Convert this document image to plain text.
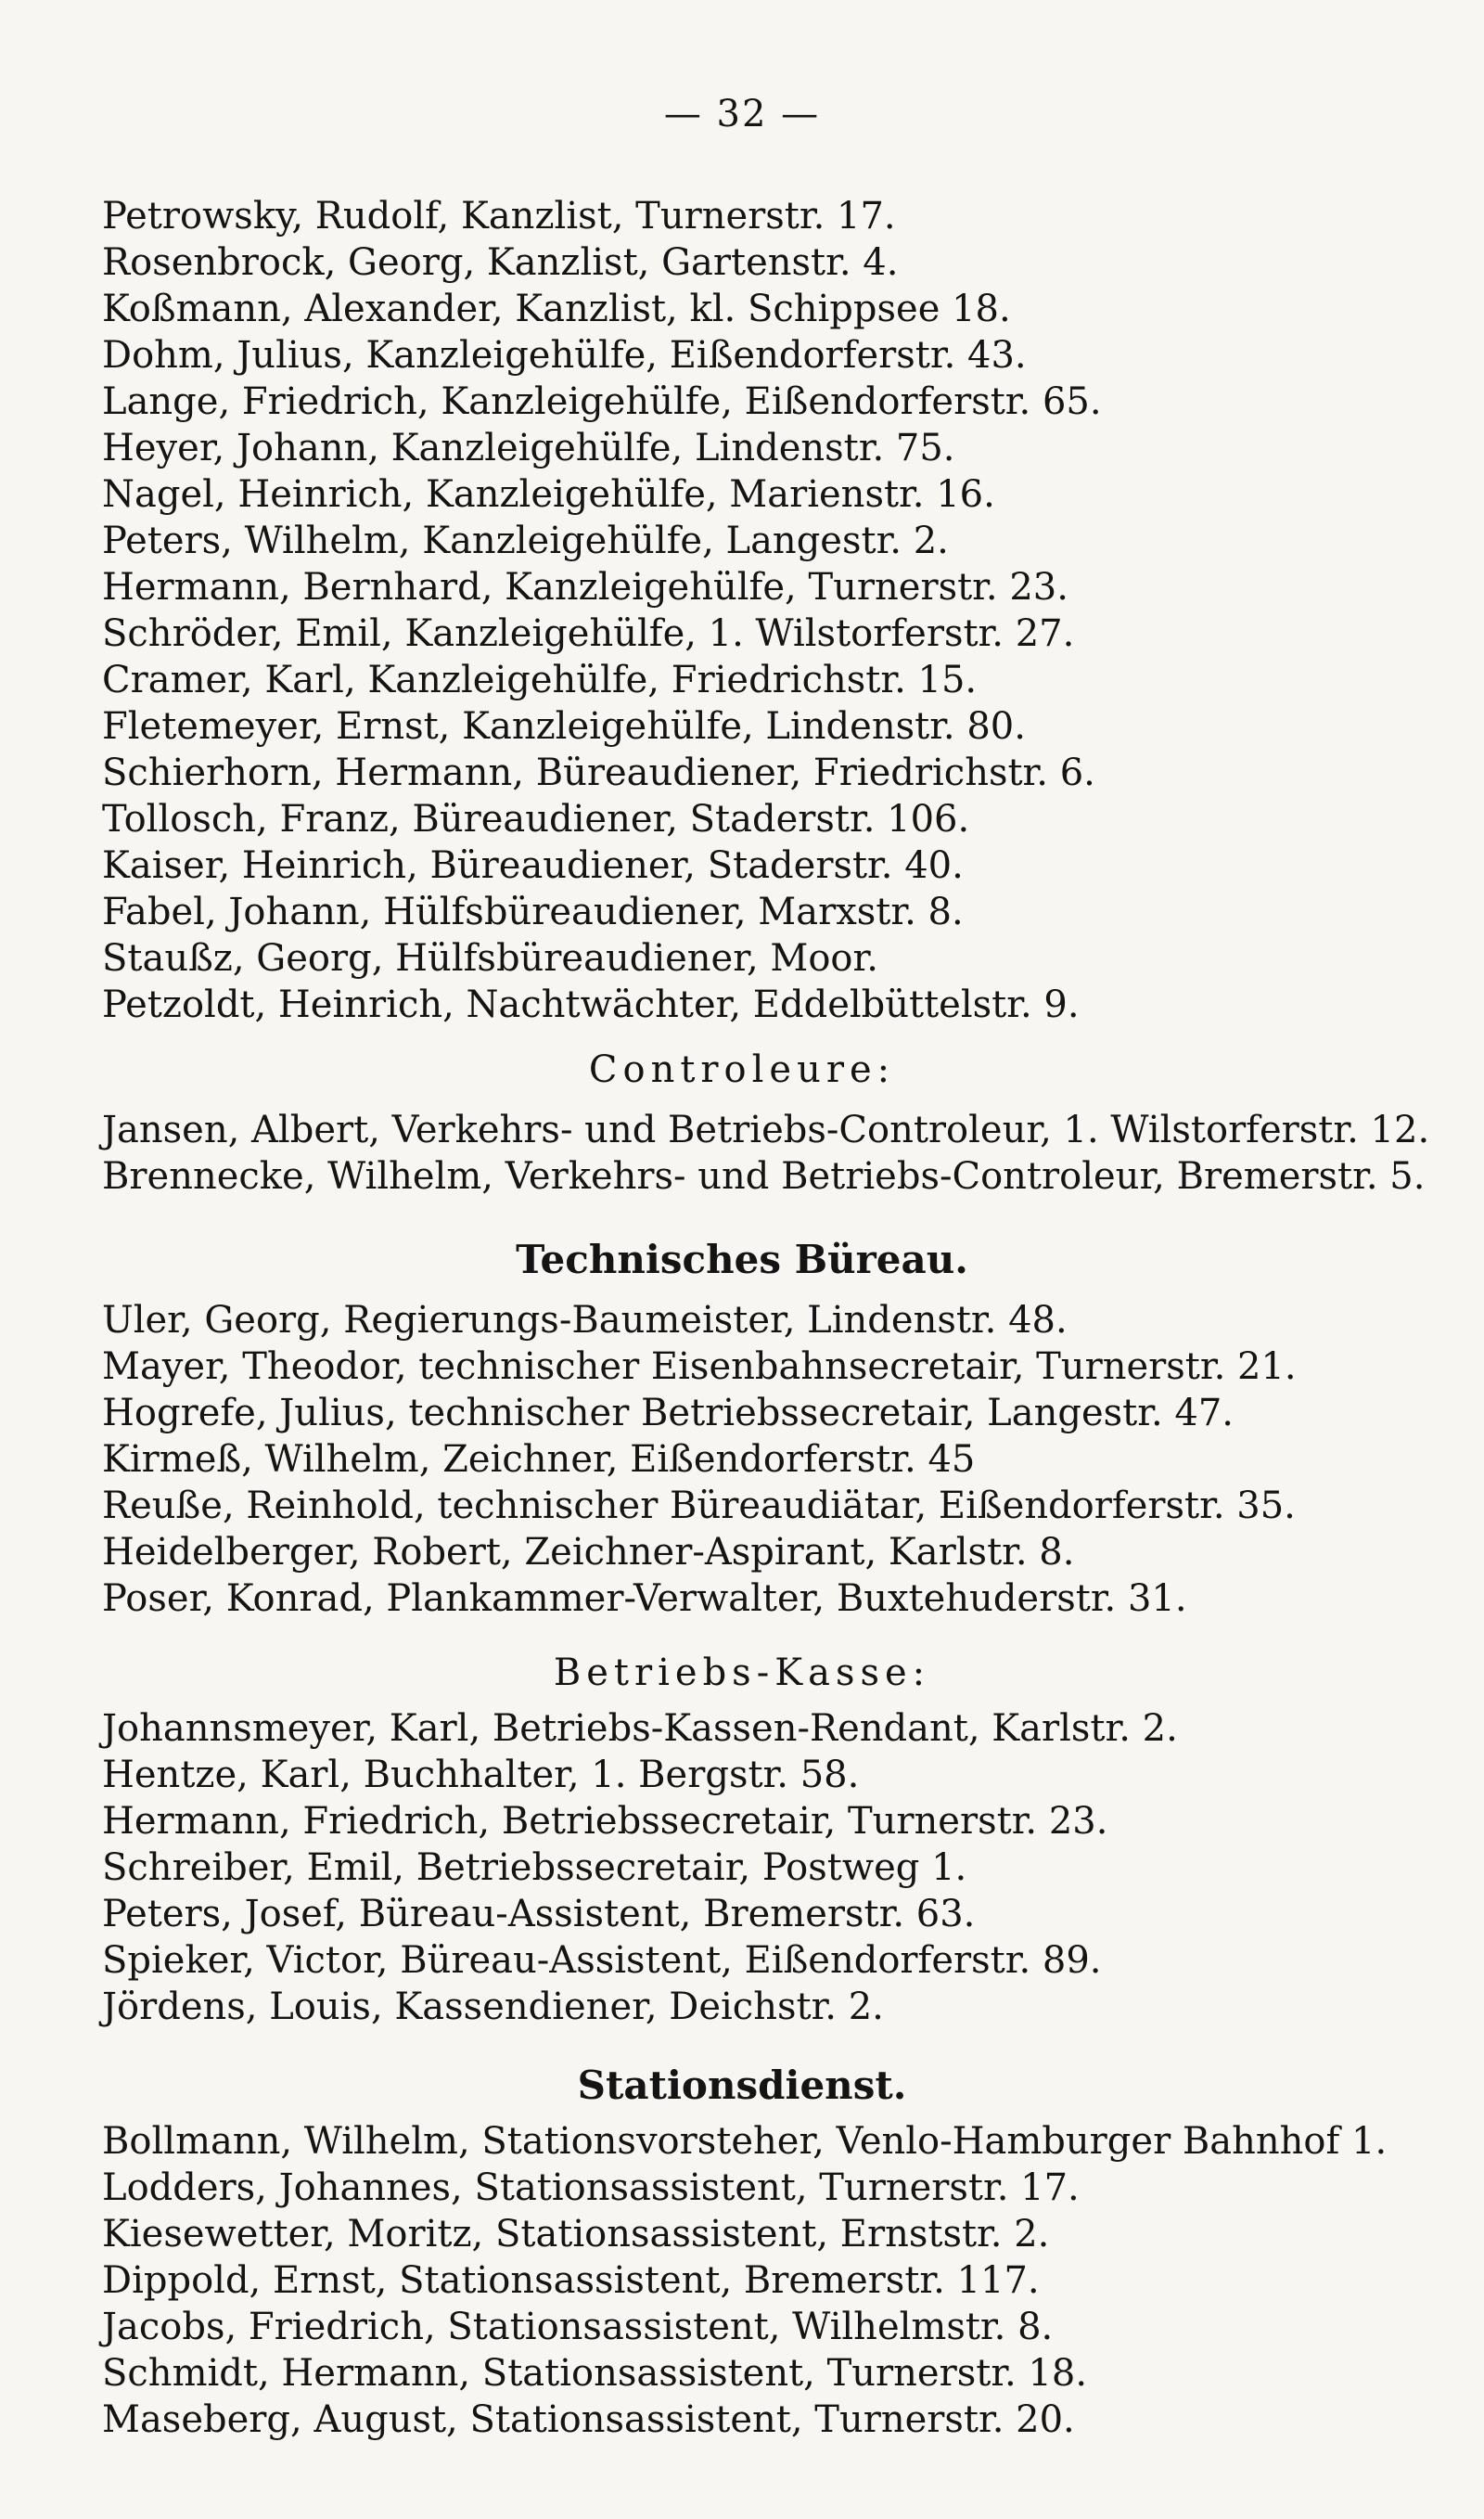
— 32 —
Petrowsky, Rudolf, Kanzlist, Turnerstr. 17.
Rosenbrock, Georg, Kanzlist, Gartenstr. 4.
Koßmann, Alexander, Kanzlist, kl. Schippsee 18.
Dohm, Julius, Kanzleigehülfe, Eißendorferstr. 43.
Lange, Friedrich, Kanzleigehülfe, Eißendorferstr. 65.
Heyer, Johann, Kanzleigehülfe, Lindenstr. 75.
Nagel, Heinrich, Kanzleigehülfe, Marienstr. 16.
Peters, Wilhelm, Kanzleigehülfe, Langestr. 2.
Hermann, Bernhard, Kanzleigehülfe, Turnerstr. 23.
Schröder, Emil, Kanzleigehülfe, 1. Wilstorferstr. 27.
Cramer, Karl, Kanzleigehülfe, Friedrichstr. 15.
Fletemeyer, Ernst, Kanzleigehülfe, Lindenstr. 80.
Schierhorn, Hermann, Büreaudiener, Friedrichstr. 6.
Tollosch, Franz, Büreaudiener, Staderstr. 106.
Kaiser, Heinrich, Büreaudiener, Staderstr. 40.
Fabel, Johann, Hülfsbüreaudiener, Marxstr. 8.
Staußz, Georg, Hülfsbüreaudiener, Moor.
Petzoldt, Heinrich, Nachtwächter, Eddelbüttelstr. 9.
Controleure:
Jansen, Albert, Verkehrs- und Betriebs-Controleur, 1. Wilstorferstr. 12.
Brennecke, Wilhelm, Verkehrs- und Betriebs-Controleur, Bremerstr. 5.
Technisches Büreau.
Uler, Georg, Regierungs-Baumeister, Lindenstr. 48.
Mayer, Theodor, technischer Eisenbahnsecretair, Turnerstr. 21.
Hogrefe, Julius, technischer Betriebssecretair, Langestr. 47.
Kirmeß, Wilhelm, Zeichner, Eißendorferstr. 45
Reuße, Reinhold, technischer Büreaudiätar, Eißendorferstr. 35.
Heidelberger, Robert, Zeichner-Aspirant, Karlstr. 8.
Poser, Konrad, Plankammer-Verwalter, Buxtehuderstr. 31.
Betriebs-Kasse:
Johannsmeyer, Karl, Betriebs-Kassen-Rendant, Karlstr. 2.
Hentze, Karl, Buchhalter, 1. Bergstr. 58.
Hermann, Friedrich, Betriebssecretair, Turnerstr. 23.
Schreiber, Emil, Betriebssecretair, Postweg 1.
Peters, Josef, Büreau-Assistent, Bremerstr. 63.
Spieker, Victor, Büreau-Assistent, Eißendorferstr. 89.
Jördens, Louis, Kassendiener, Deichstr. 2.
Stationsdienst.
Bollmann, Wilhelm, Stationsvorsteher, Venlo-Hamburger Bahnhof 1.
Lodders, Johannes, Stationsassistent, Turnerstr. 17.
Kiesewetter, Moritz, Stationsassistent, Ernststr. 2.
Dippold, Ernst, Stationsassistent, Bremerstr. 117.
Jacobs, Friedrich, Stationsassistent, Wilhelmstr. 8.
Schmidt, Hermann, Stationsassistent, Turnerstr. 18.
Maseberg, August, Stationsassistent, Turnerstr. 20.
